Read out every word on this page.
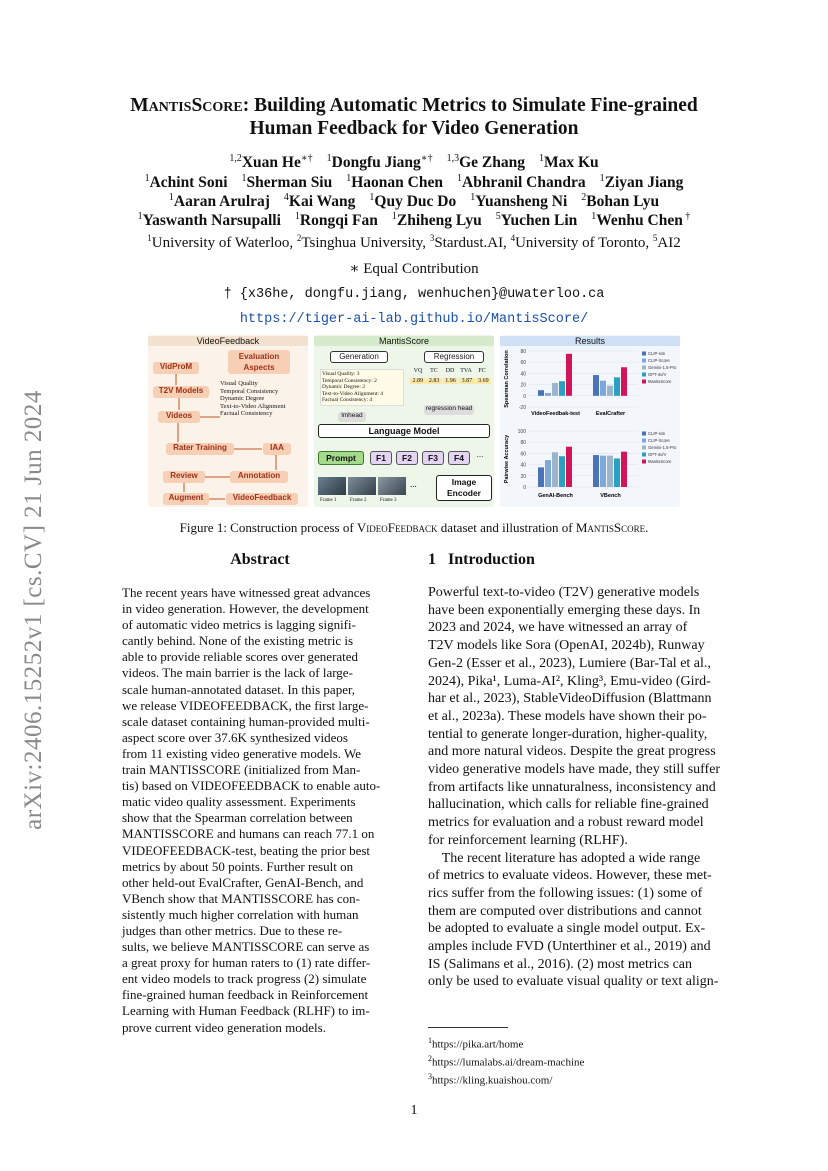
arXiv:2406.15252v1 [cs.CV] 21 Jun 2024
MantisScore: Building Automatic Metrics to Simulate Fine-grained
Human Feedback for Video Generation
$^{1,2}$Xuan He∗† $^1$Dongfu Jiang∗† $^{1,3}$Ge Zhang $^1$Max Ku
$^1$Achint Soni $^1$Sherman Siu $^1$Haonan Chen $^1$Abhranil Chandra $^1$Ziyan Jiang
$^1$Aaran Arulraj $^4$Kai Wang $^1$Quy Duc Do $^1$Yuansheng Ni $^2$Bohan Lyu
$^1$Yaswanth Narsupalli $^1$Rongqi Fan $^1$Zhiheng Lyu $^5$Yuchen Lin $^1$Wenhu Chen †
$^1$University of Waterloo, $^2$Tsinghua University, $^3$Stardust.AI, $^4$University of Toronto, $^5$AI2
∗ Equal Contribution
† {x36he, dongfu.jiang, wenhuchen}@uwaterloo.ca
https://tiger-ai-lab.github.io/MantisScore/
VideoFeedback
VidProM
T2V Models
Videos
Evaluation Aspects
Visual Quality
Temporal Consistency
Dynamic Degree
Text-to-Video Alignment
Factual Consistency
Rater Training	IAA
Review	Annotation
Augment	VideoFeedback
MantisScore
Generation	Regression
Visual Quality: 3
Temporal Consistency: 2
Dynamic Degree: 2
Text-to-Video Alignment: 4
Factual Consistency: 4
VQ	TC	DD TVA	FC
2.89 2.83 1.96 3.87 3.69
lmhead
regression head
Language Model
Prompt	F1	F2	F3	F4	...
Image Encoder
...
Frame 1	Frame 2	Frame 3
Results
80
60
40
20
0
-20
Spearman Correlation
VideoFeedbak-test	EvalCrafter
CLIP-sim
CLIP-Score
Gemini-1.5-Pro
GPT-4o/V
MantisScore
100
80
60
40
20
0
Pairwise Accuracy
GenAI-Bench	VBench
CLIP-sim
CLIP-Score
Gemini-1.5-Pro
GPT-4o/V
MantisScore
Figure 1: Construction process of VideoFeedback dataset and illustration of MantisScore.
Abstract
The recent years have witnessed great advances
in video generation. However, the development
of automatic video metrics is lagging signifi-
cantly behind. None of the existing metric is
able to provide reliable scores over generated
videos. The main barrier is the lack of large-
scale human-annotated dataset. In this paper,
we release VIDEOFEEDBACK, the first large-
scale dataset containing human-provided multi-
aspect score over 37.6K synthesized videos
from 11 existing video generative models. We
train MANTISSCORE (initialized from Man-
tis) based on VIDEOFEEDBACK to enable auto-
matic video quality assessment. Experiments
show that the Spearman correlation between
MANTISSCORE and humans can reach 77.1 on
VIDEOFEEDBACK-test, beating the prior best
metrics by about 50 points. Further result on
other held-out EvalCrafter, GenAI-Bench, and
VBench show that MANTISSCORE has con-
sistently much higher correlation with human
judges than other metrics. Due to these re-
sults, we believe MANTISSCORE can serve as
a great proxy for human raters to (1) rate differ-
ent video models to track progress (2) simulate
fine-grained human feedback in Reinforcement
Learning with Human Feedback (RLHF) to im-
prove current video generation models.
1 Introduction
Powerful text-to-video (T2V) generative models
have been exponentially emerging these days. In
2023 and 2024, we have witnessed an array of
T2V models like Sora (OpenAI, 2024b), Runway
Gen-2 (Esser et al., 2023), Lumiere (Bar-Tal et al.,
2024), Pika¹, Luma-AI², Kling³, Emu-video (Gird-
har et al., 2023), StableVideoDiffusion (Blattmann
et al., 2023a). These models have shown their po-
tential to generate longer-duration, higher-quality,
and more natural videos. Despite the great progress
video generative models have made, they still suffer
from artifacts like unnaturalness, inconsistency and
hallucination, which calls for reliable fine-grained
metrics for evaluation and a robust reward model
for reinforcement learning (RLHF).
The recent literature has adopted a wide range
of metrics to evaluate videos. However, these met-
rics suffer from the following issues: (1) some of
them are computed over distributions and cannot
be adopted to evaluate a single model output. Ex-
amples include FVD (Unterthiner et al., 2019) and
IS (Salimans et al., 2016). (2) most metrics can
only be used to evaluate visual quality or text align-
$^1$https://pika.art/home
$^2$https://lumalabs.ai/dream-machine
$^3$https://kling.kuaishou.com/
1
